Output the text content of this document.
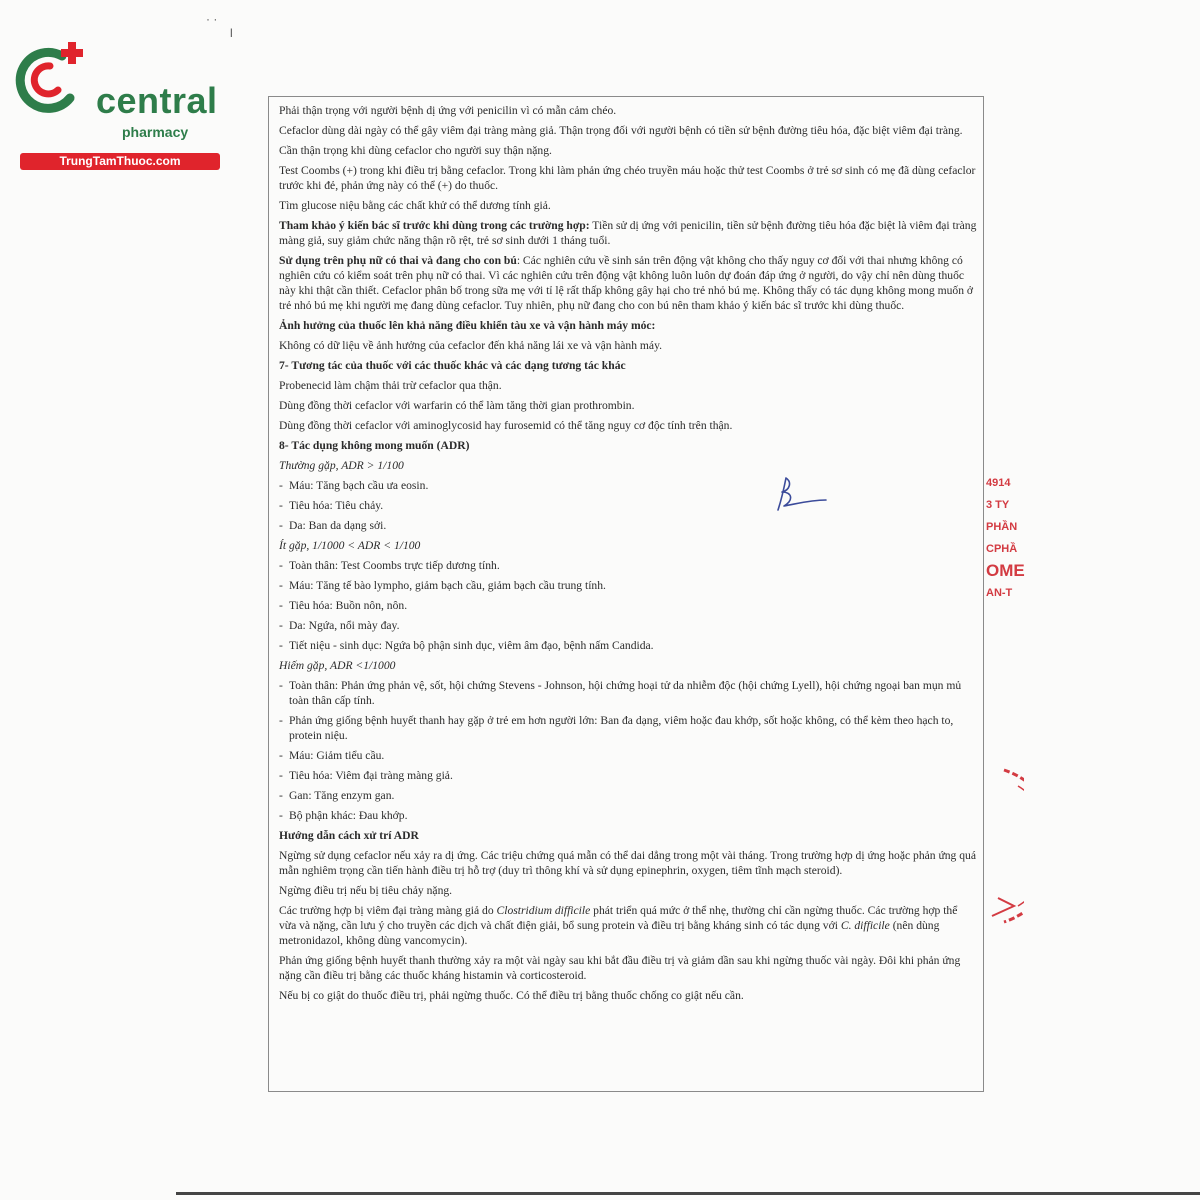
central
pharmacy
TrungTamThuoc.com
· ·
l

Phải thận trọng với người bệnh dị ứng với penicilin vì có mẫn cảm chéo.

Cefaclor dùng dài ngày có thể gây viêm đại tràng màng giả. Thận trọng đối với người bệnh có tiền sử bệnh đường tiêu hóa, đặc biệt viêm đại tràng.

Cần thận trọng khi dùng cefaclor cho người suy thận nặng.

Test Coombs (+) trong khi điều trị bằng cefaclor. Trong khi làm phản ứng chéo truyền máu hoặc thử test Coombs ở trẻ sơ sinh có mẹ đã dùng cefaclor trước khi đẻ, phản ứng này có thể (+) do thuốc.

Tìm glucose niệu bằng các chất khử có thể dương tính giả.

Tham khảo ý kiến bác sĩ trước khi dùng trong các trường hợp: Tiền sử dị ứng với penicilin, tiền sử bệnh đường tiêu hóa đặc biệt là viêm đại tràng màng giả, suy giảm chức năng thận rõ rệt, trẻ sơ sinh dưới 1 tháng tuổi.

Sử dụng trên phụ nữ có thai và đang cho con bú: Các nghiên cứu về sinh sản trên động vật không cho thấy nguy cơ đối với thai nhưng không có nghiên cứu có kiểm soát trên phụ nữ có thai. Vì các nghiên cứu trên động vật không luôn luôn dự đoán đáp ứng ở người, do vậy chỉ nên dùng thuốc này khi thật cần thiết. Cefaclor phân bố trong sữa mẹ với tỉ lệ rất thấp không gây hại cho trẻ nhỏ bú mẹ. Không thấy có tác dụng không mong muốn ở trẻ nhỏ bú mẹ khi người mẹ đang dùng cefaclor. Tuy nhiên, phụ nữ đang cho con bú nên tham khảo ý kiến bác sĩ trước khi dùng thuốc.

Ảnh hưởng của thuốc lên khả năng điều khiển tàu xe và vận hành máy móc:

Không có dữ liệu về ảnh hưởng của cefaclor đến khả năng lái xe và vận hành máy.

7- Tương tác của thuốc với các thuốc khác và các dạng tương tác khác

Probenecid làm chậm thải trừ cefaclor qua thận.

Dùng đồng thời cefaclor với warfarin có thể làm tăng thời gian prothrombin.

Dùng đồng thời cefaclor với aminoglycosid hay furosemid có thể tăng nguy cơ độc tính trên thận.

8- Tác dụng không mong muốn (ADR)

Thường gặp, ADR > 1/100

- Máu: Tăng bạch cầu ưa eosin.
- Tiêu hóa: Tiêu chảy.
- Da: Ban da dạng sởi.

Ít gặp, 1/1000 < ADR < 1/100

- Toàn thân: Test Coombs trực tiếp dương tính.
- Máu: Tăng tế bào lympho, giảm bạch cầu, giảm bạch cầu trung tính.
- Tiêu hóa: Buồn nôn, nôn.
- Da: Ngứa, nổi mày đay.
- Tiết niệu - sinh dục: Ngứa bộ phận sinh dục, viêm âm đạo, bệnh nấm Candida.

Hiếm gặp, ADR <1/1000

- Toàn thân: Phản ứng phản vệ, sốt, hội chứng Stevens - Johnson, hội chứng hoại tử da nhiễm độc (hội chứng Lyell), hội chứng ngoại ban mụn mủ toàn thân cấp tính.
- Phản ứng giống bệnh huyết thanh hay gặp ở trẻ em hơn người lớn: Ban đa dạng, viêm hoặc đau khớp, sốt hoặc không, có thể kèm theo hạch to, protein niệu.
- Máu: Giảm tiểu cầu.
- Tiêu hóa: Viêm đại tràng màng giả.
- Gan: Tăng enzym gan.
- Bộ phận khác: Đau khớp.

Hướng dẫn cách xử trí ADR

Ngừng sử dụng cefaclor nếu xảy ra dị ứng. Các triệu chứng quá mẫn có thể dai dẳng trong một vài tháng. Trong trường hợp dị ứng hoặc phản ứng quá mẫn nghiêm trọng cần tiến hành điều trị hỗ trợ (duy trì thông khí và sử dụng epinephrin, oxygen, tiêm tĩnh mạch steroid).

Ngừng điều trị nếu bị tiêu chảy nặng.

Các trường hợp bị viêm đại tràng màng giả do Clostridium difficile phát triển quá mức ở thể nhẹ, thường chỉ cần ngừng thuốc. Các trường hợp thể vừa và nặng, cần lưu ý cho truyền các dịch và chất điện giải, bổ sung protein và điều trị bằng kháng sinh có tác dụng với C. difficile (nên dùng metronidazol, không dùng vancomycin).

Phản ứng giống bệnh huyết thanh thường xảy ra một vài ngày sau khi bắt đầu điều trị và giảm dần sau khi ngừng thuốc vài ngày. Đôi khi phản ứng nặng cần điều trị bằng các thuốc kháng histamin và corticosteroid.

Nếu bị co giật do thuốc điều trị, phải ngừng thuốc. Có thể điều trị bằng thuốc chống co giật nếu cần.

4914
3 TY
PHẦN
CPHẦ
OME
AN-T
